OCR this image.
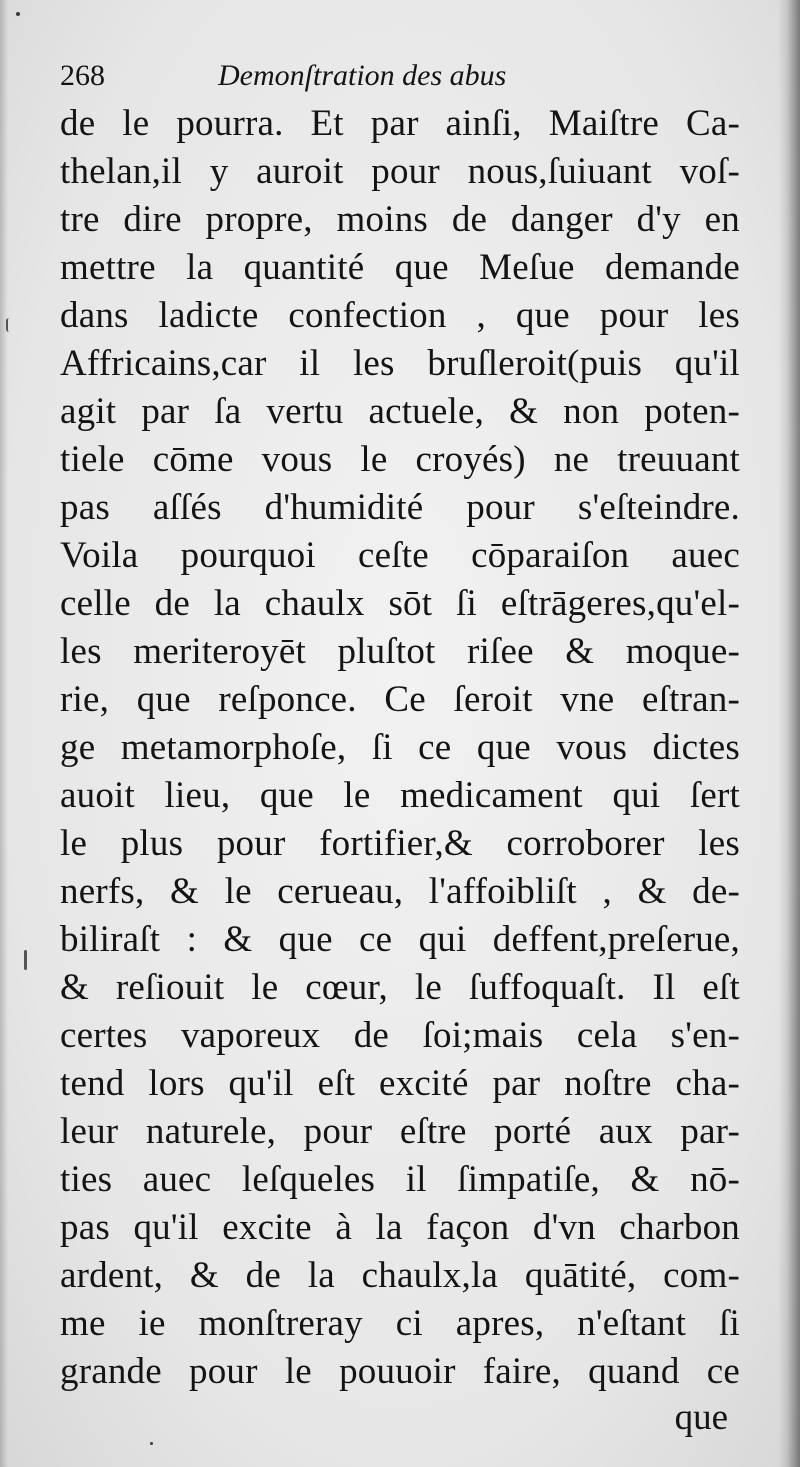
268	Demonſtration des abus
de le pourra. Et par ainſi, Maiſtre Ca-
thelan,il y auroit pour nous,ſuiuant voſ-
tre dire propre, moins de danger d'y en
mettre la quantité que Meſue demande
dans ladicte confection , que pour les
Affricains,car il les bruſleroit(puis qu'il
agit par ſa vertu actuele, & non poten-
tiele cōme vous le croyés) ne treuuant
pas aſſés d'humidité pour s'eſteindre.
Voila pourquoi ceſte cōparaiſon auec
celle de la chaulx sōt ſi eſtrāgeres,qu'el-
les meriteroyēt pluſtot riſee & moque-
rie, que reſponce. Ce ſeroit vne eſtran-
ge metamorphoſe, ſi ce que vous dictes
auoit lieu, que le medicament qui ſert
le plus pour fortifier,& corroborer les
nerfs, & le cerueau, l'affoibliſt , & de-
biliraſt : & que ce qui deffent,preſerue,
& reſiouit le cœur, le ſuffoquaſt. Il eſt
certes vaporeux de ſoi;mais cela s'en-
tend lors qu'il eſt excité par noſtre cha-
leur naturele, pour eſtre porté aux par-
ties auec leſqueles il ſimpatiſe, & nō-
pas qu'il excite à la façon d'vn charbon
ardent, & de la chaulx,la quātité, com-
me ie monſtreray ci apres, n'eſtant ſi
grande pour le pouuoir faire, quand ce
que
